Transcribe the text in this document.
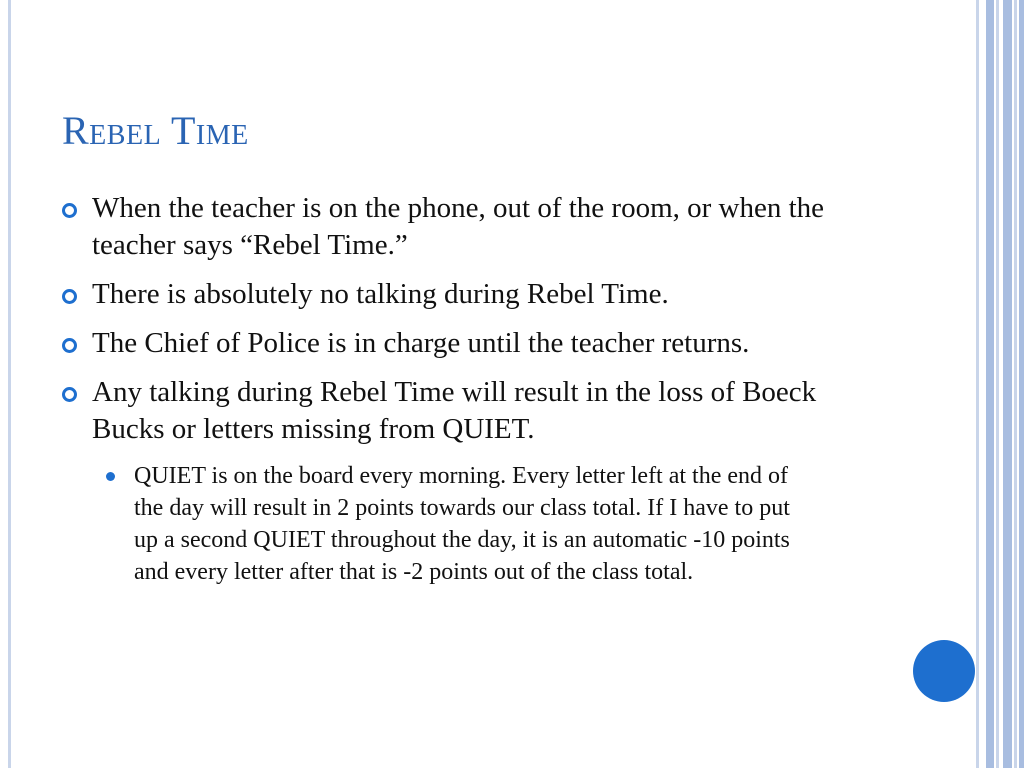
Rebel Time
When the teacher is on the phone, out of the room, or when the teacher says “Rebel Time.”
There is absolutely no talking during Rebel Time.
The Chief of Police is in charge until the teacher returns.
Any talking during Rebel Time will result in the loss of Boeck Bucks or letters missing from QUIET.
QUIET is on the board every morning. Every letter left at the end of the day will result in 2 points towards our class total. If I have to put up a second QUIET throughout the day, it is an automatic -10 points and every letter after that is -2 points out of the class total.
